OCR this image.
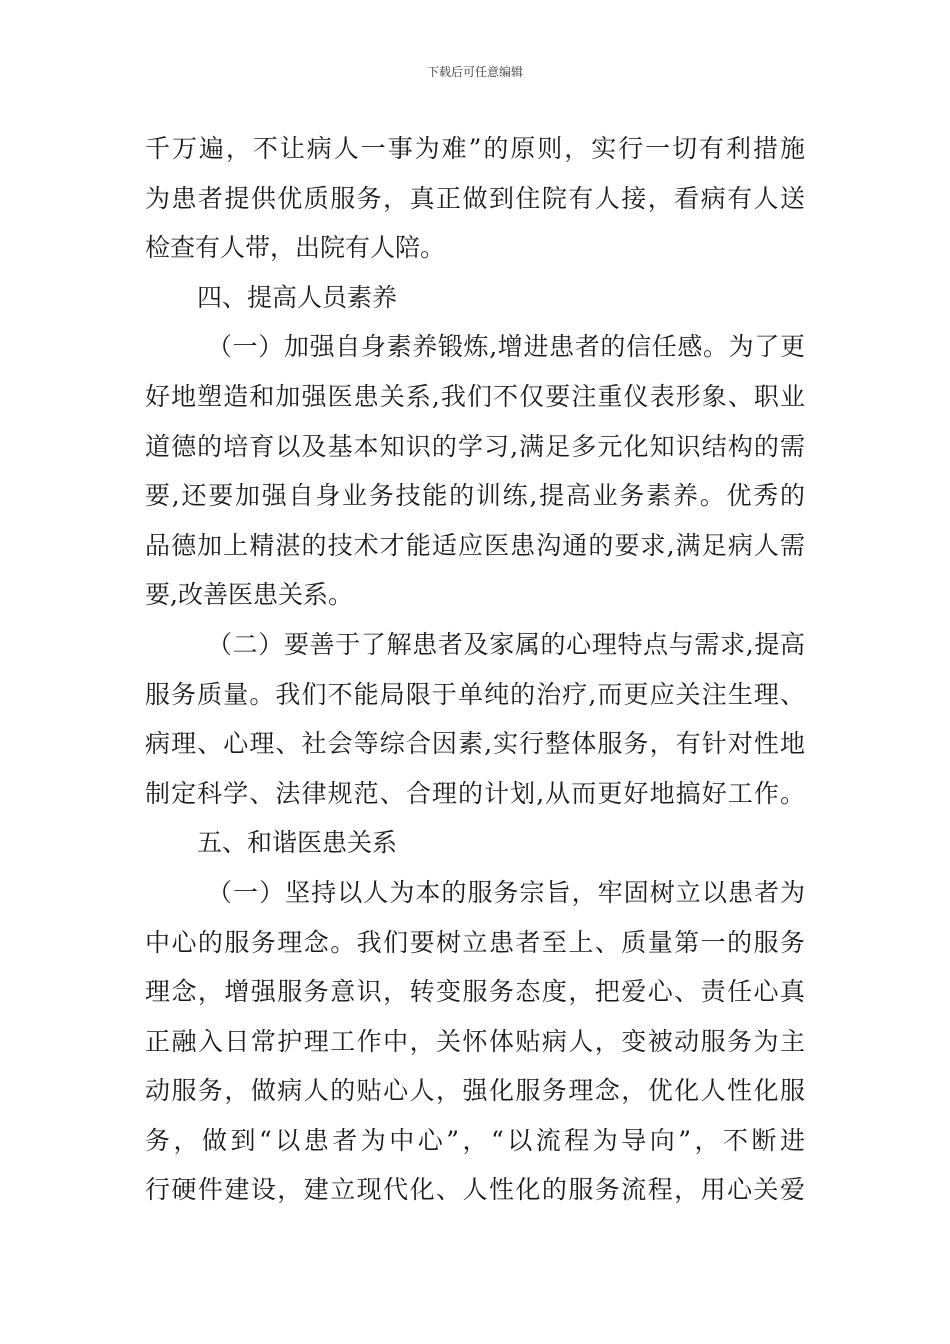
下载后可任意编辑
千万遍，不让病人一事为难”的原则，实行一切有利措施
为患者提供优质服务，真正做到住院有人接，看病有人送
检查有人带，出院有人陪。
四、提高人员素养
（一）加强自身素养锻炼,增进患者的信任感。为了更
好地塑造和加强医患关系,我们不仅要注重仪表形象、职业
道德的培育以及基本知识的学习,满足多元化知识结构的需
要,还要加强自身业务技能的训练,提高业务素养。优秀的
品德加上精湛的技术才能适应医患沟通的要求,满足病人需
要,改善医患关系。
（二）要善于了解患者及家属的心理特点与需求,提高
服务质量。我们不能局限于单纯的治疗,而更应关注生理、
病理、心理、社会等综合因素,实行整体服务，有针对性地
制定科学、法律规范、合理的计划,从而更好地搞好工作。
五、和谐医患关系
（一）坚持以人为本的服务宗旨，牢固树立以患者为
中心的服务理念。我们要树立患者至上、质量第一的服务
理念，增强服务意识，转变服务态度，把爱心、责任心真
正融入日常护理工作中，关怀体贴病人，变被动服务为主
动服务，做病人的贴心人，强化服务理念，优化人性化服
务，做到“以患者为中心”，“以流程为导向”，不断进
行硬件建设，建立现代化、人性化的服务流程，用心关爱
